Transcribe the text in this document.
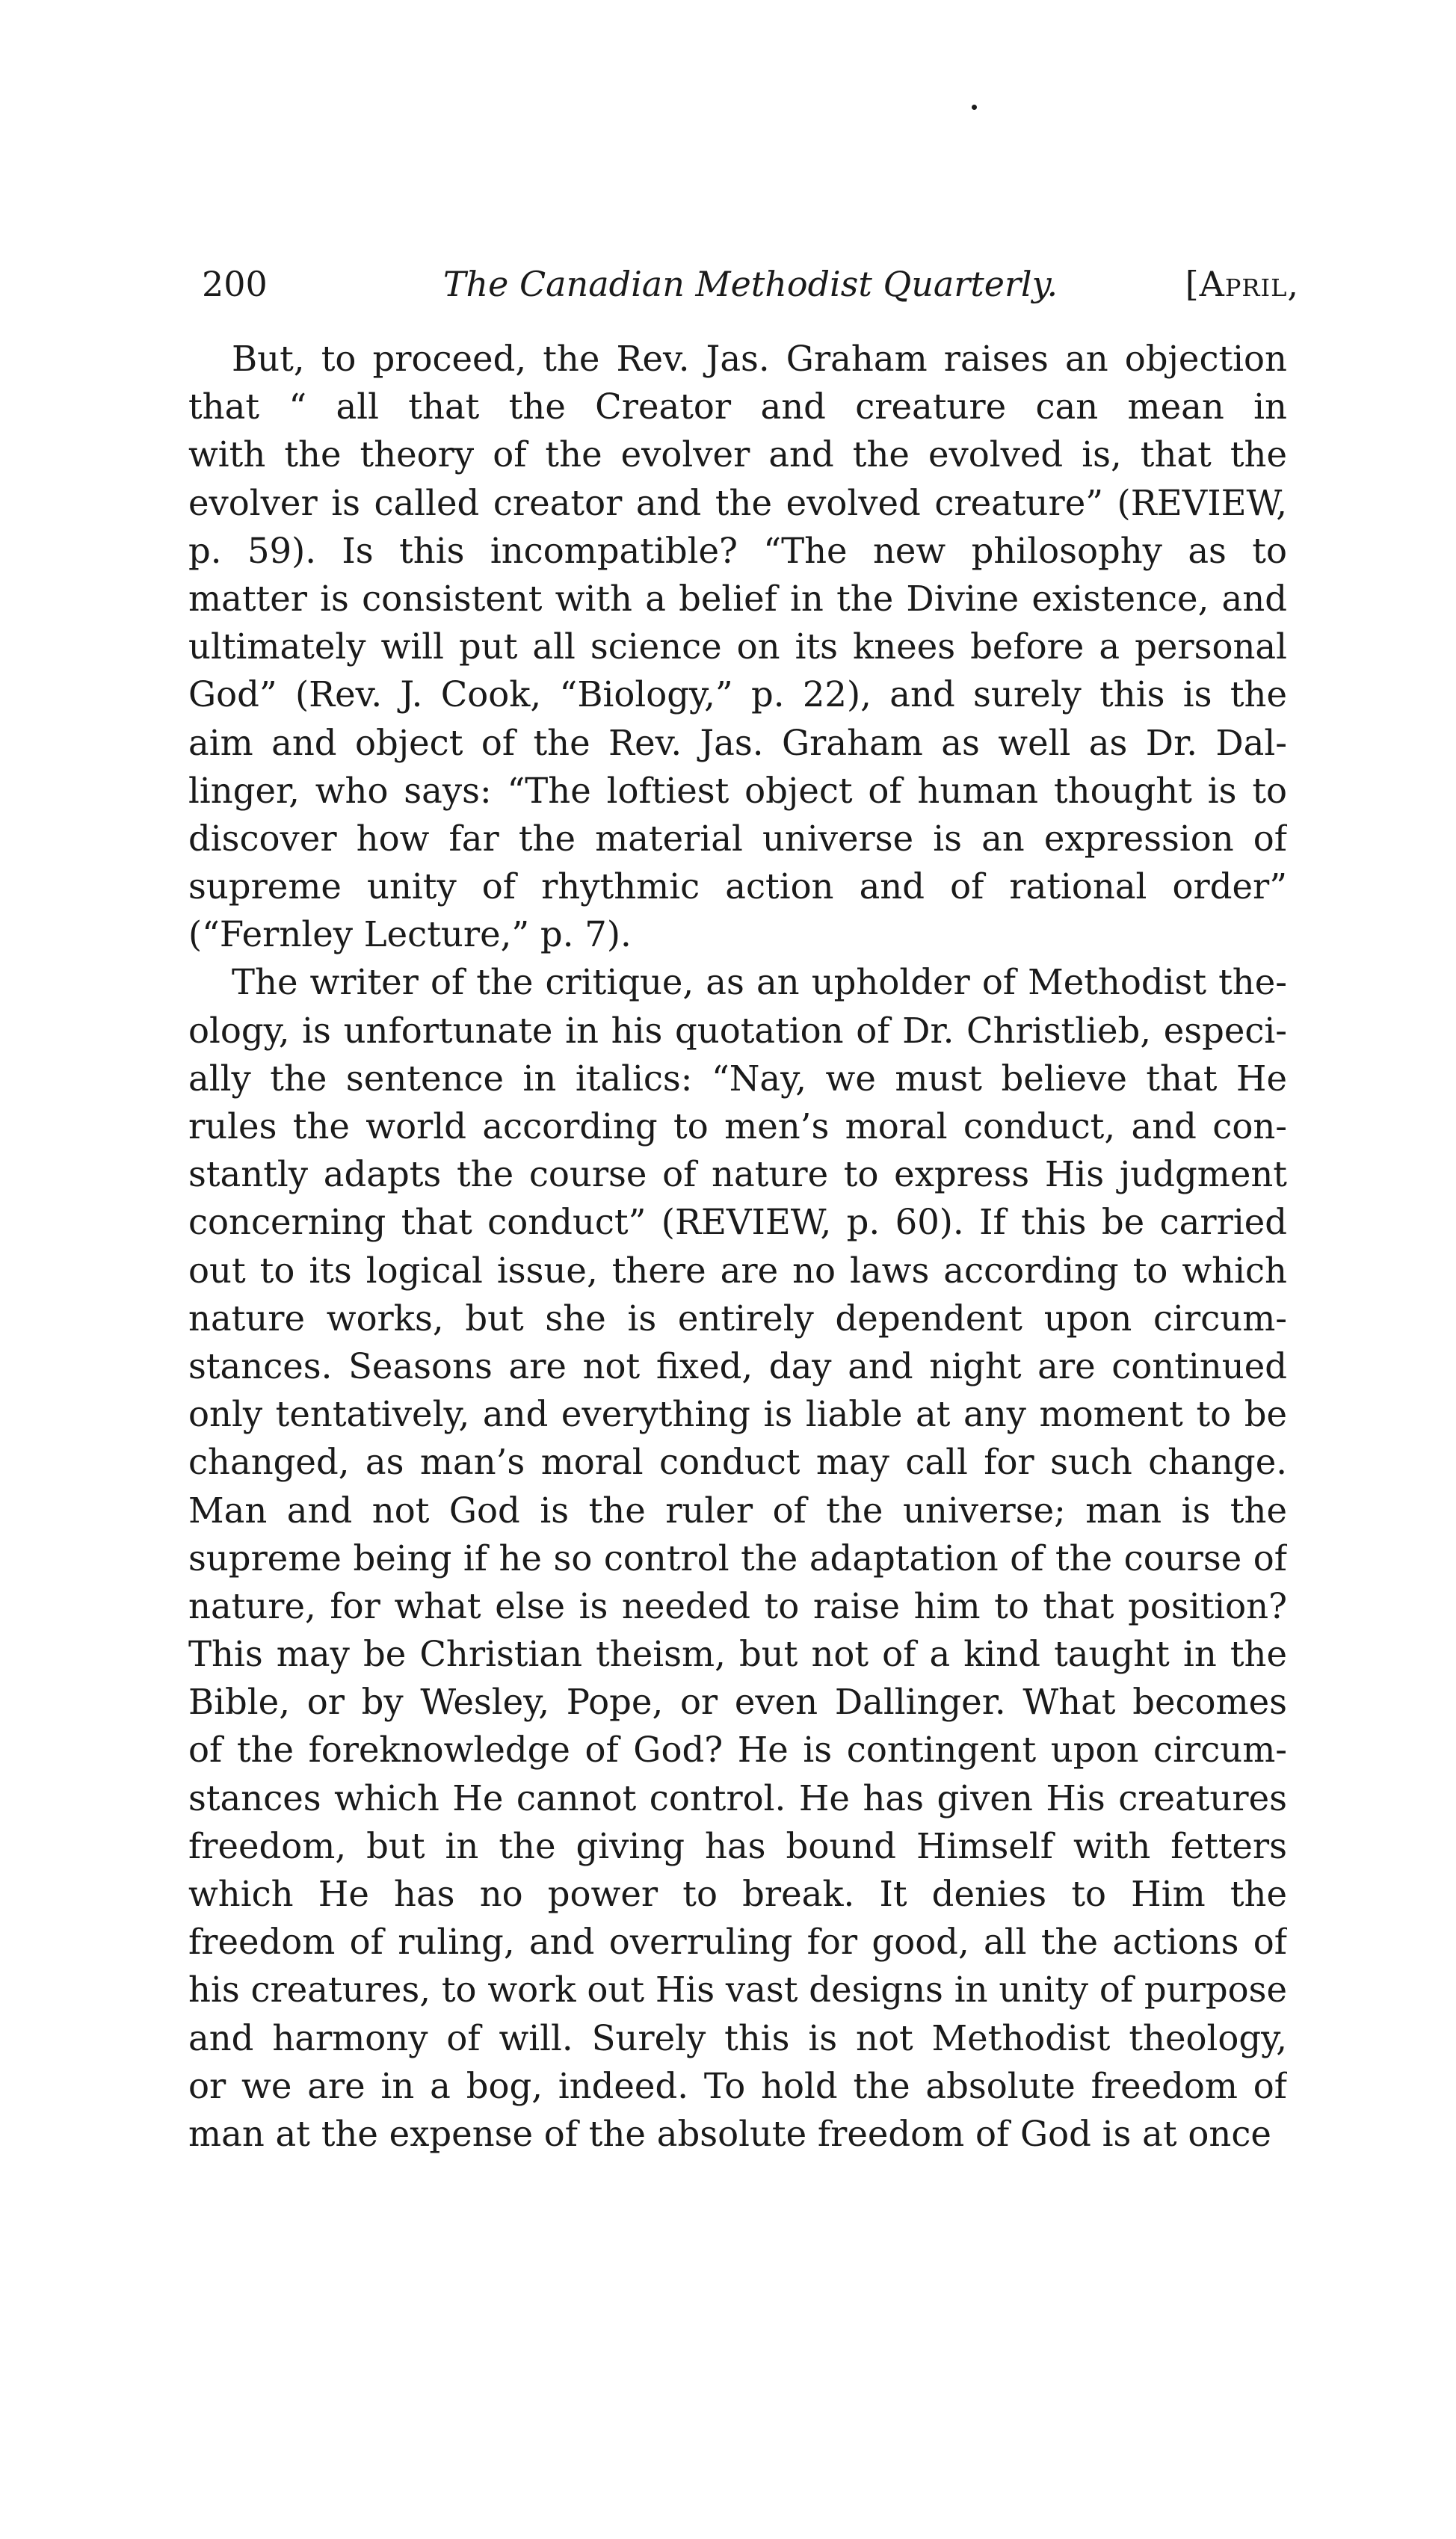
200	The Canadian Methodist Quarterly.	[April,
But, to proceed, the Rev. Jas. Graham raises an objection
that “ all that the Creator and creature can mean in
with the theory of the evolver and the evolved is, that the
evolver is called creator and the evolved creature” (REVIEW,
p. 59). Is this incompatible? “The new philosophy as to
matter is consistent with a belief in the Divine existence, and
ultimately will put all science on its knees before a personal
God” (Rev. J. Cook, “Biology,” p. 22), and surely this is the
aim and object of the Rev. Jas. Graham as well as Dr. Dal-
linger, who says: “The loftiest object of human thought is to
discover how far the material universe is an expression of
supreme unity of rhythmic action and of rational order”
(“Fernley Lecture,” p. 7).
The writer of the critique, as an upholder of Methodist the-
ology, is unfortunate in his quotation of Dr. Christlieb, especi-
ally the sentence in italics: “Nay, we must believe that He
rules the world according to men’s moral conduct, and con-
stantly adapts the course of nature to express His judgment
concerning that conduct” (REVIEW, p. 60). If this be carried
out to its logical issue, there are no laws according to which
nature works, but she is entirely dependent upon circum-
stances. Seasons are not fixed, day and night are continued
only tentatively, and everything is liable at any moment to be
changed, as man’s moral conduct may call for such change.
Man and not God is the ruler of the universe; man is the
supreme being if he so control the adaptation of the course of
nature, for what else is needed to raise him to that position?
This may be Christian theism, but not of a kind taught in the
Bible, or by Wesley, Pope, or even Dallinger. What becomes
of the foreknowledge of God? He is contingent upon circum-
stances which He cannot control. He has given His creatures
freedom, but in the giving has bound Himself with fetters
which He has no power to break. It denies to Him the
freedom of ruling, and overruling for good, all the actions of
his creatures, to work out His vast designs in unity of purpose
and harmony of will. Surely this is not Methodist theology,
or we are in a bog, indeed. To hold the absolute freedom of
man at the expense of the absolute freedom of God is at once
